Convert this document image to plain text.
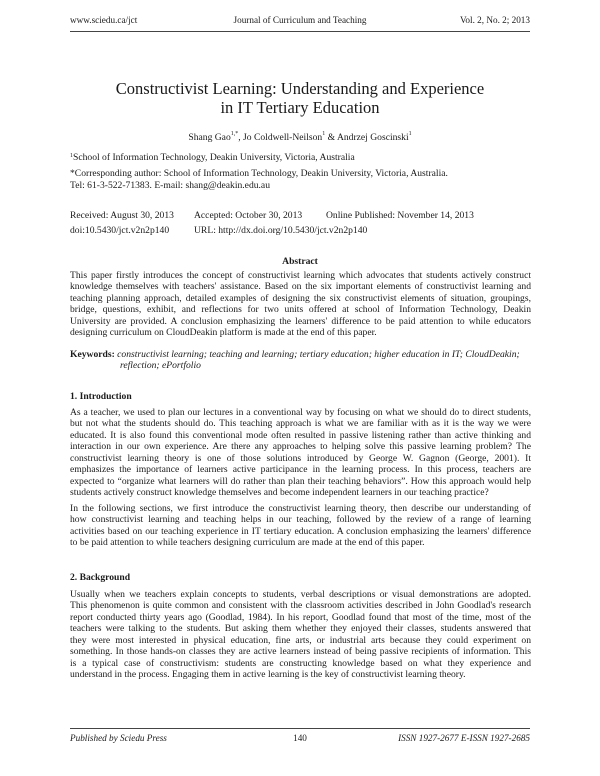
www.sciedu.ca/jct	Journal of Curriculum and Teaching	Vol. 2, No. 2; 2013
Constructivist Learning: Understanding and Experience
in IT Tertiary Education
Shang Gao$^{1,*}$, Jo Coldwell-Neilson$^1$ & Andrzej Goscinski$^1$
$^1$School of Information Technology, Deakin University, Victoria, Australia
*Corresponding author: School of Information Technology, Deakin University, Victoria, Australia.
Tel: 61-3-522-71383. E-mail: shang@deakin.edu.au
Received: August 30, 2013 Accepted: October 30, 2013 Online Published: November 14, 2013
doi:10.5430/jct.v2n2p140	URL: http://dx.doi.org/10.5430/jct.v2n2p140
Abstract
This paper firstly introduces the concept of constructivist learning which advocates that students actively construct
knowledge themselves with teachers' assistance. Based on the six important elements of constructivist learning and
teaching planning approach, detailed examples of designing the six constructivist elements of situation, groupings,
bridge, questions, exhibit, and reflections for two units offered at school of Information Technology, Deakin
University are provided. A conclusion emphasizing the learners' difference to be paid attention to while educators
designing curriculum on CloudDeakin platform is made at the end of this paper.
Keywords: constructivist learning; teaching and learning; tertiary education; higher education in IT; CloudDeakin;
reflection; ePortfolio
1. Introduction
As a teacher, we used to plan our lectures in a conventional way by focusing on what we should do to direct students,
but not what the students should do. This teaching approach is what we are familiar with as it is the way we were
educated. It is also found this conventional mode often resulted in passive listening rather than active thinking and
interaction in our own experience. Are there any approaches to helping solve this passive learning problem? The
constructivist learning theory is one of those solutions introduced by George W. Gagnon (George, 2001). It
emphasizes the importance of learners active participance in the learning process. In this process, teachers are
expected to “organize what learners will do rather than plan their teaching behaviors”. How this approach would help
students actively construct knowledge themselves and become independent learners in our teaching practice?
In the following sections, we first introduce the constructivist learning theory, then describe our understanding of
how constructivist learning and teaching helps in our teaching, followed by the review of a range of learning
activities based on our teaching experience in IT tertiary education. A conclusion emphasizing the learners' difference
to be paid attention to while teachers designing curriculum are made at the end of this paper.
2. Background
Usually when we teachers explain concepts to students, verbal descriptions or visual demonstrations are adopted.
This phenomenon is quite common and consistent with the classroom activities described in John Goodlad's research
report conducted thirty years ago (Goodlad, 1984). In his report, Goodlad found that most of the time, most of the
teachers were talking to the students. But asking them whether they enjoyed their classes, students answered that
they were most interested in physical education, fine arts, or industrial arts because they could experiment on
something. In those hands-on classes they are active learners instead of being passive recipients of information. This
is a typical case of constructivism: students are constructing knowledge based on what they experience and
understand in the process. Engaging them in active learning is the key of constructivist learning theory.
Published by Sciedu Press	140	ISSN 1927-2677 E-ISSN 1927-2685
